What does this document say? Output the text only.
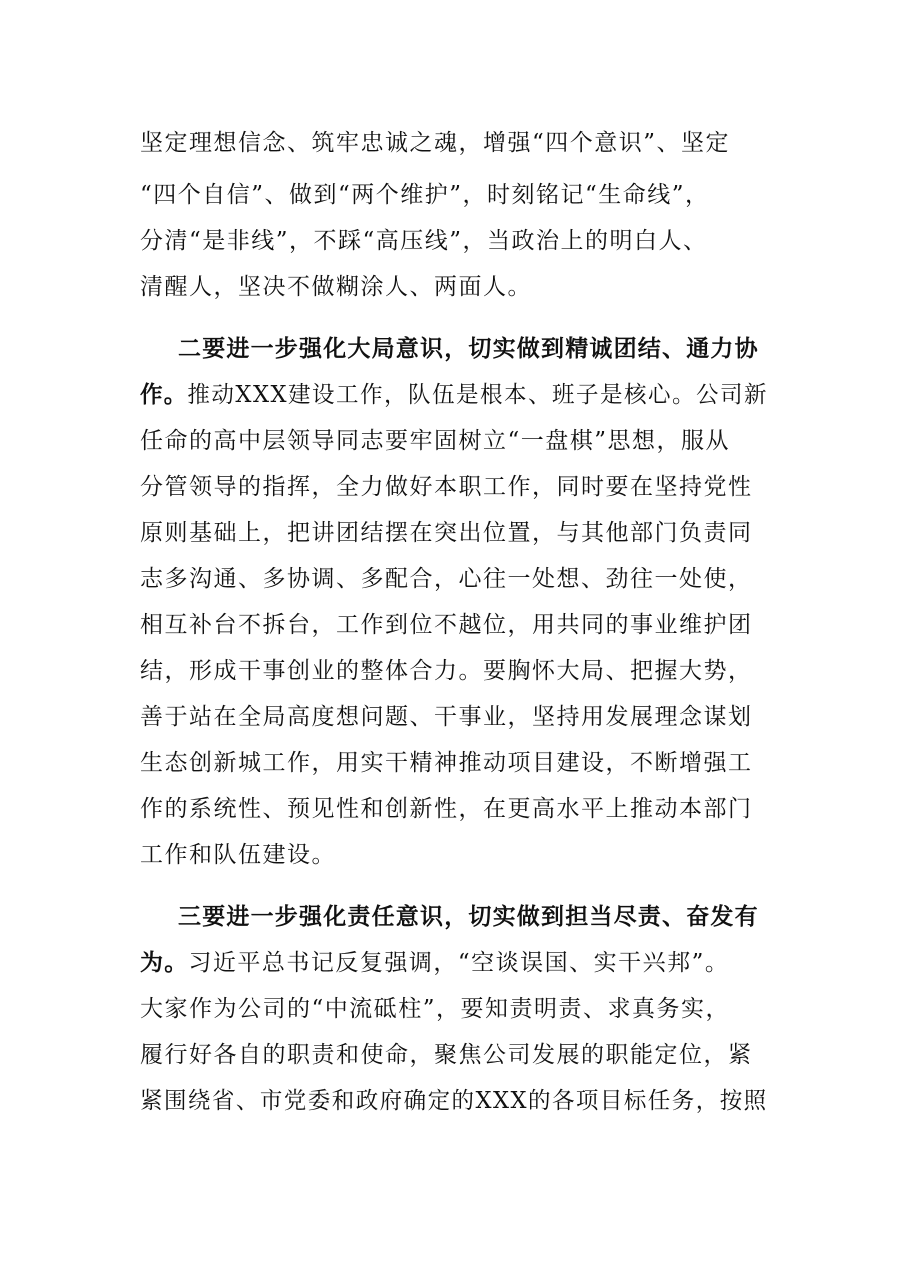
坚定理想信念、筑牢忠诚之魂，增强“四个意识”、坚定
“四个自信”、做到“两个维护”，时刻铭记“生命线”，
分清“是非线”，不踩“高压线”，当政治上的明白人、
清醒人，坚决不做糊涂人、两面人。
二要进一步强化大局意识，切实做到精诚团结、通力协
作。推动XXX建设工作，队伍是根本、班子是核心。公司新
任命的高中层领导同志要牢固树立“一盘棋”思想，服从
分管领导的指挥，全力做好本职工作，同时要在坚持党性
原则基础上，把讲团结摆在突出位置，与其他部门负责同
志多沟通、多协调、多配合，心往一处想、劲往一处使，
相互补台不拆台，工作到位不越位，用共同的事业维护团
结，形成干事创业的整体合力。要胸怀大局、把握大势，
善于站在全局高度想问题、干事业，坚持用发展理念谋划
生态创新城工作，用实干精神推动项目建设，不断增强工
作的系统性、预见性和创新性，在更高水平上推动本部门
工作和队伍建设。
三要进一步强化责任意识，切实做到担当尽责、奋发有
为。习近平总书记反复强调，“空谈误国、实干兴邦”。
大家作为公司的“中流砥柱”，要知责明责、求真务实，
履行好各自的职责和使命，聚焦公司发展的职能定位，紧
紧围绕省、市党委和政府确定的XXX的各项目标任务，按照
